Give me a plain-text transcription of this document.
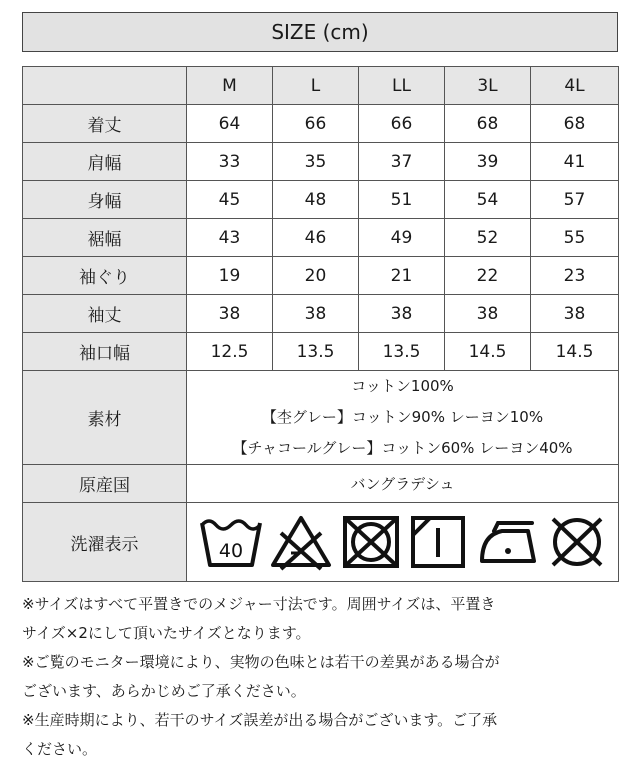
SIZE (cm)
	M	L	LL	3L	4L
着丈	64	66	66	68	68
肩幅	33	35	37	39	41
身幅	45	48	51	54	57
裾幅	43	46	49	52	55
袖ぐり	19	20	21	22	23
袖丈	38	38	38	38	38
袖口幅	12.5	13.5	13.5	14.5	14.5
素材	コットン100%
【杢グレー】コットン90% レーヨン10%
【チャコールグレー】コットン60% レーヨン40%				

原産国	バングラデシュ				
洗濯表示	40				

※サイズはすべて平置きでのメジャー寸法です。周囲サイズは、平置き

サイズ×2にして頂いたサイズとなります。

※ご覧のモニター環境により、実物の色味とは若干の差異がある場合が

ございます、あらかじめご了承ください。

※生産時期により、若干のサイズ誤差が出る場合がございます。ご了承

ください。
